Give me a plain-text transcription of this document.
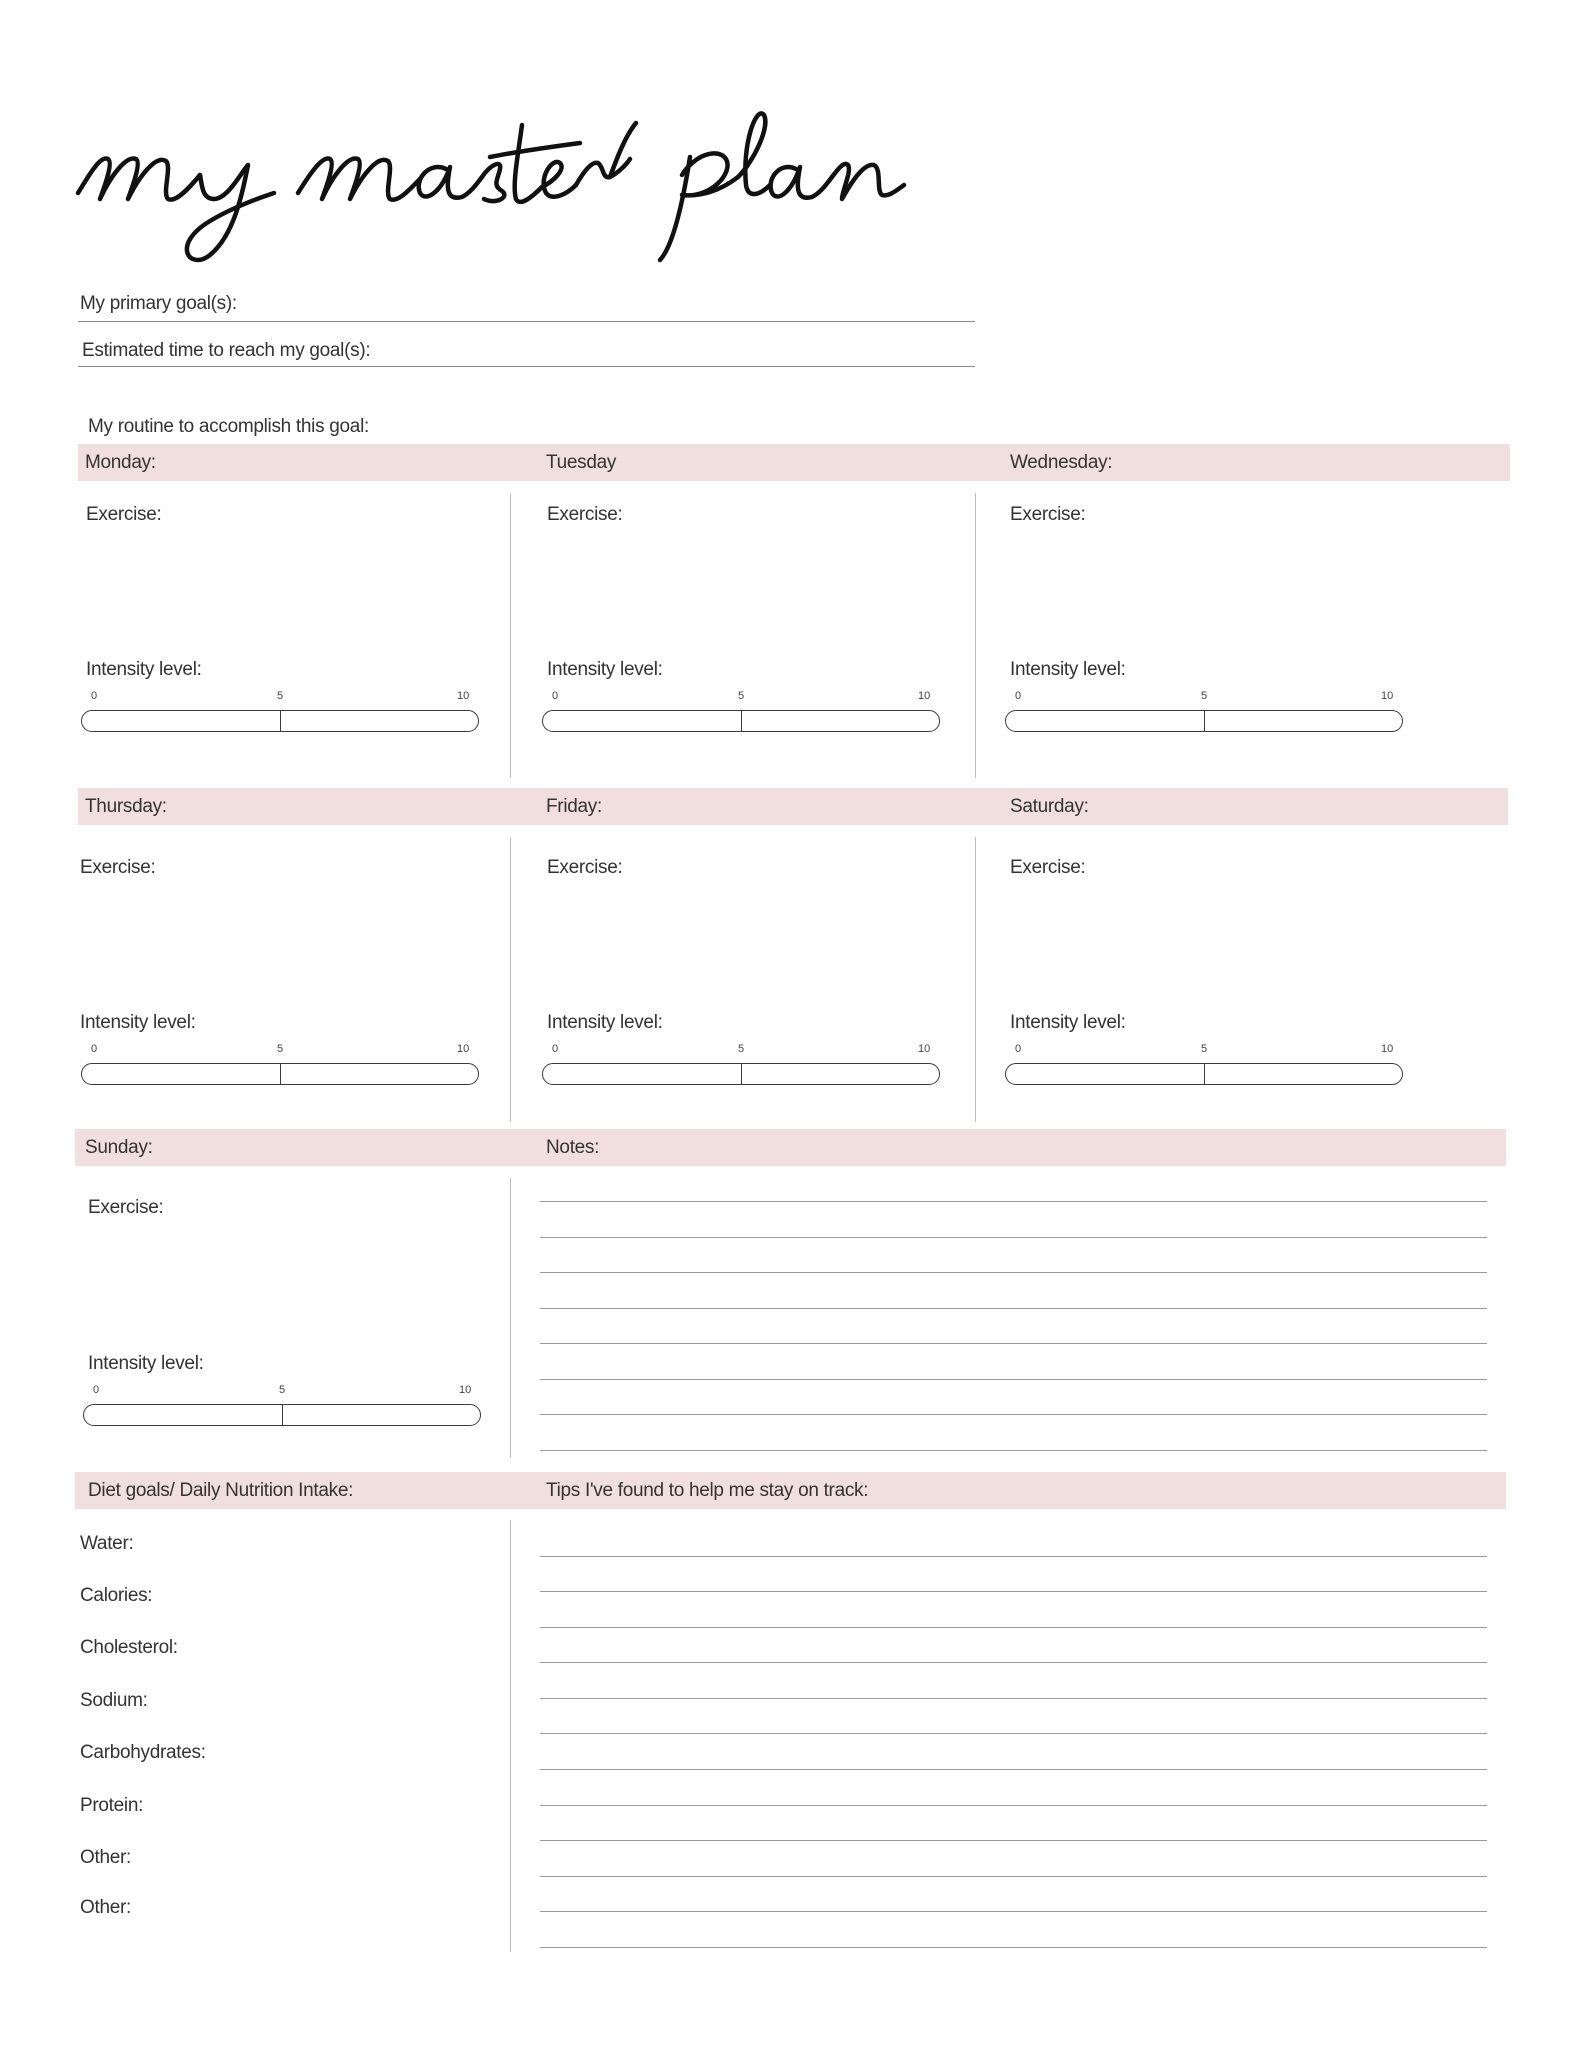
My primary goal(s):
Estimated time to reach my goal(s):
My routine to accomplish this goal:
Monday:	Tuesday	Wednesday:
Exercise:
Intensity level:
0	5	10
Exercise:
Intensity level:
0	5	10
Exercise:
Intensity level:
0	5	10
Thursday:	Friday:	Saturday:
Exercise:
Intensity level:
0	5	10
Exercise:
Intensity level:
0	5	10
Exercise:
Intensity level:
0	5	10
Sunday:	Notes:
Exercise:
Intensity level:
0	5	10
Diet goals/ Daily Nutrition Intake:	Tips I've found to help me stay on track:
Water:
Calories:
Cholesterol:
Sodium:
Carbohydrates:
Protein:
Other:
Other:
